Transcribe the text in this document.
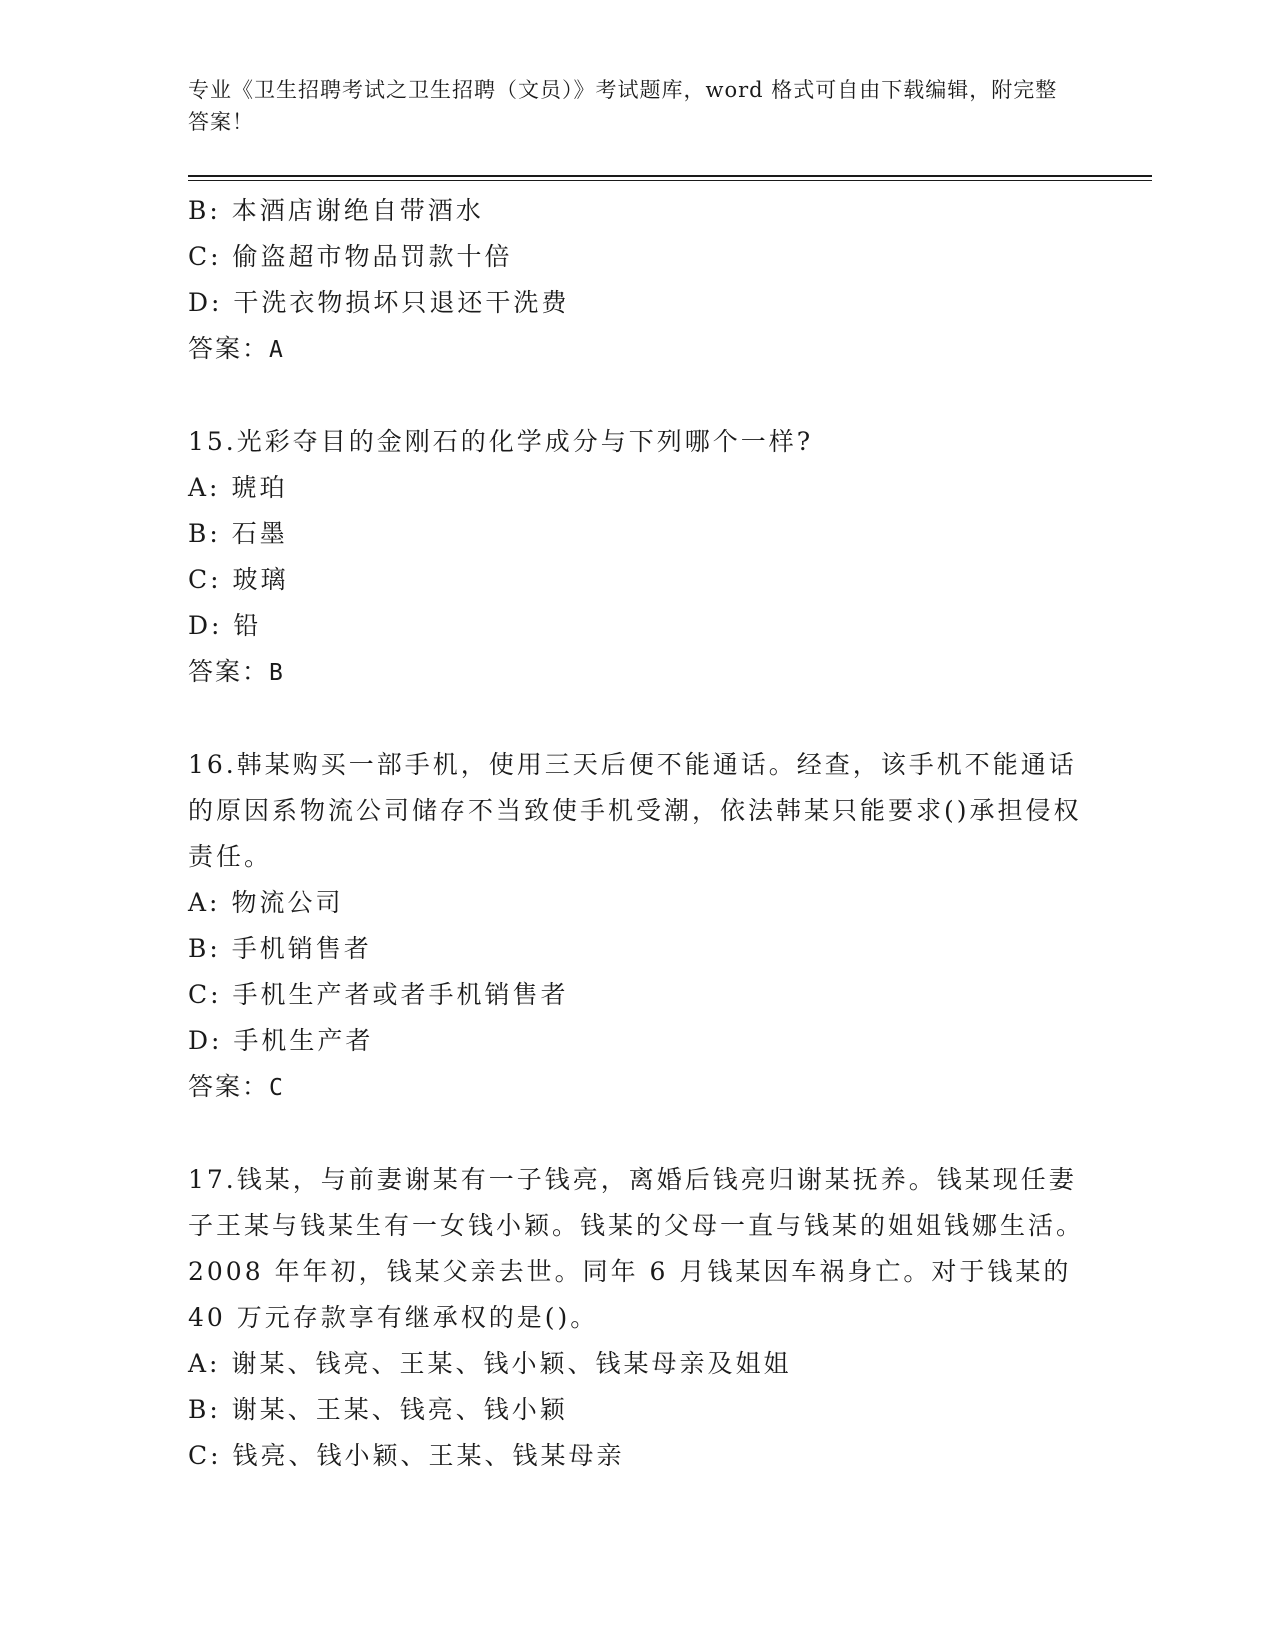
专业《卫生招聘考试之卫生招聘（文员）》考试题库，word 格式可自由下载编辑，附完整答案！
B: 本酒店谢绝自带酒水
C: 偷盗超市物品罚款十倍
D: 干洗衣物损坏只退还干洗费
答案：A
15.光彩夺目的金刚石的化学成分与下列哪个一样?
A: 琥珀
B: 石墨
C: 玻璃
D: 铅
答案：B
16.韩某购买一部手机，使用三天后便不能通话。经查，该手机不能通话的原因系物流公司储存不当致使手机受潮，依法韩某只能要求()承担侵权责任。
A: 物流公司
B: 手机销售者
C: 手机生产者或者手机销售者
D: 手机生产者
答案：C
17.钱某，与前妻谢某有一子钱亮，离婚后钱亮归谢某抚养。钱某现任妻子王某与钱某生有一女钱小颖。钱某的父母一直与钱某的姐姐钱娜生活。2008 年年初，钱某父亲去世。同年 6 月钱某因车祸身亡。对于钱某的 40 万元存款享有继承权的是()。
A: 谢某、钱亮、王某、钱小颖、钱某母亲及姐姐
B: 谢某、王某、钱亮、钱小颖
C: 钱亮、钱小颖、王某、钱某母亲
